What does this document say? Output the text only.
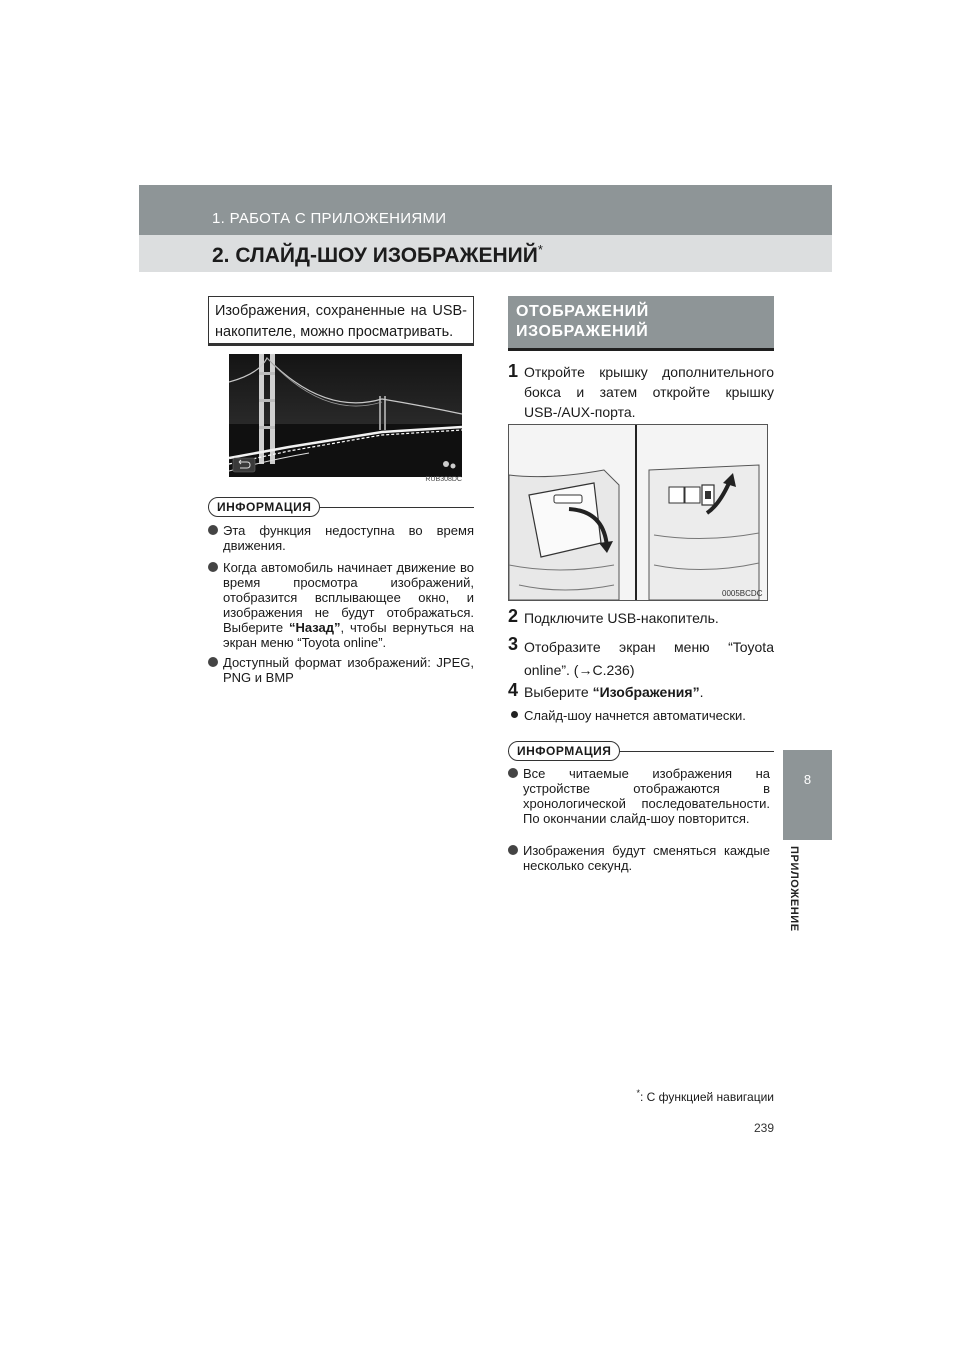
1. РАБОТА С ПРИЛОЖЕНИЯМИ
2. СЛАЙД-ШОУ ИЗОБРАЖЕНИЙ*
8
ПРИЛОЖЕНИЕ
Изображения, сохраненные на USB-накопителе, можно просматривать.
RUB308DC
ИНФОРМАЦИЯ
Эта функция недоступна во время движения.
Когда автомобиль начинает движение во время просмотра изображений, отобразится всплывающее окно, и изображения не будут отображаться. Выберите “Назад”, чтобы вернуться на экран меню “Toyota online”.
Доступный формат изображений: JPEG, PNG и BMP
ОТОБРАЖЕНИЙ
ИЗОБРАЖЕНИЙ
1 Откройте крышку дополнительного бокса и затем откройте крышку USB-/AUX-порта.
0005BCDC
2 Подключите USB-накопитель.
3 Отобразите экран меню “Toyota online”. (→C.236)
4 Выберите “Изображения”.
Слайд-шоу начнется автоматически.
ИНФОРМАЦИЯ
Все читаемые изображения на устройстве отображаются в хронологической последовательности. По окончании слайд-шоу повторится.
Изображения будут сменяться каждые несколько секунд.
*: С функцией навигации
239
